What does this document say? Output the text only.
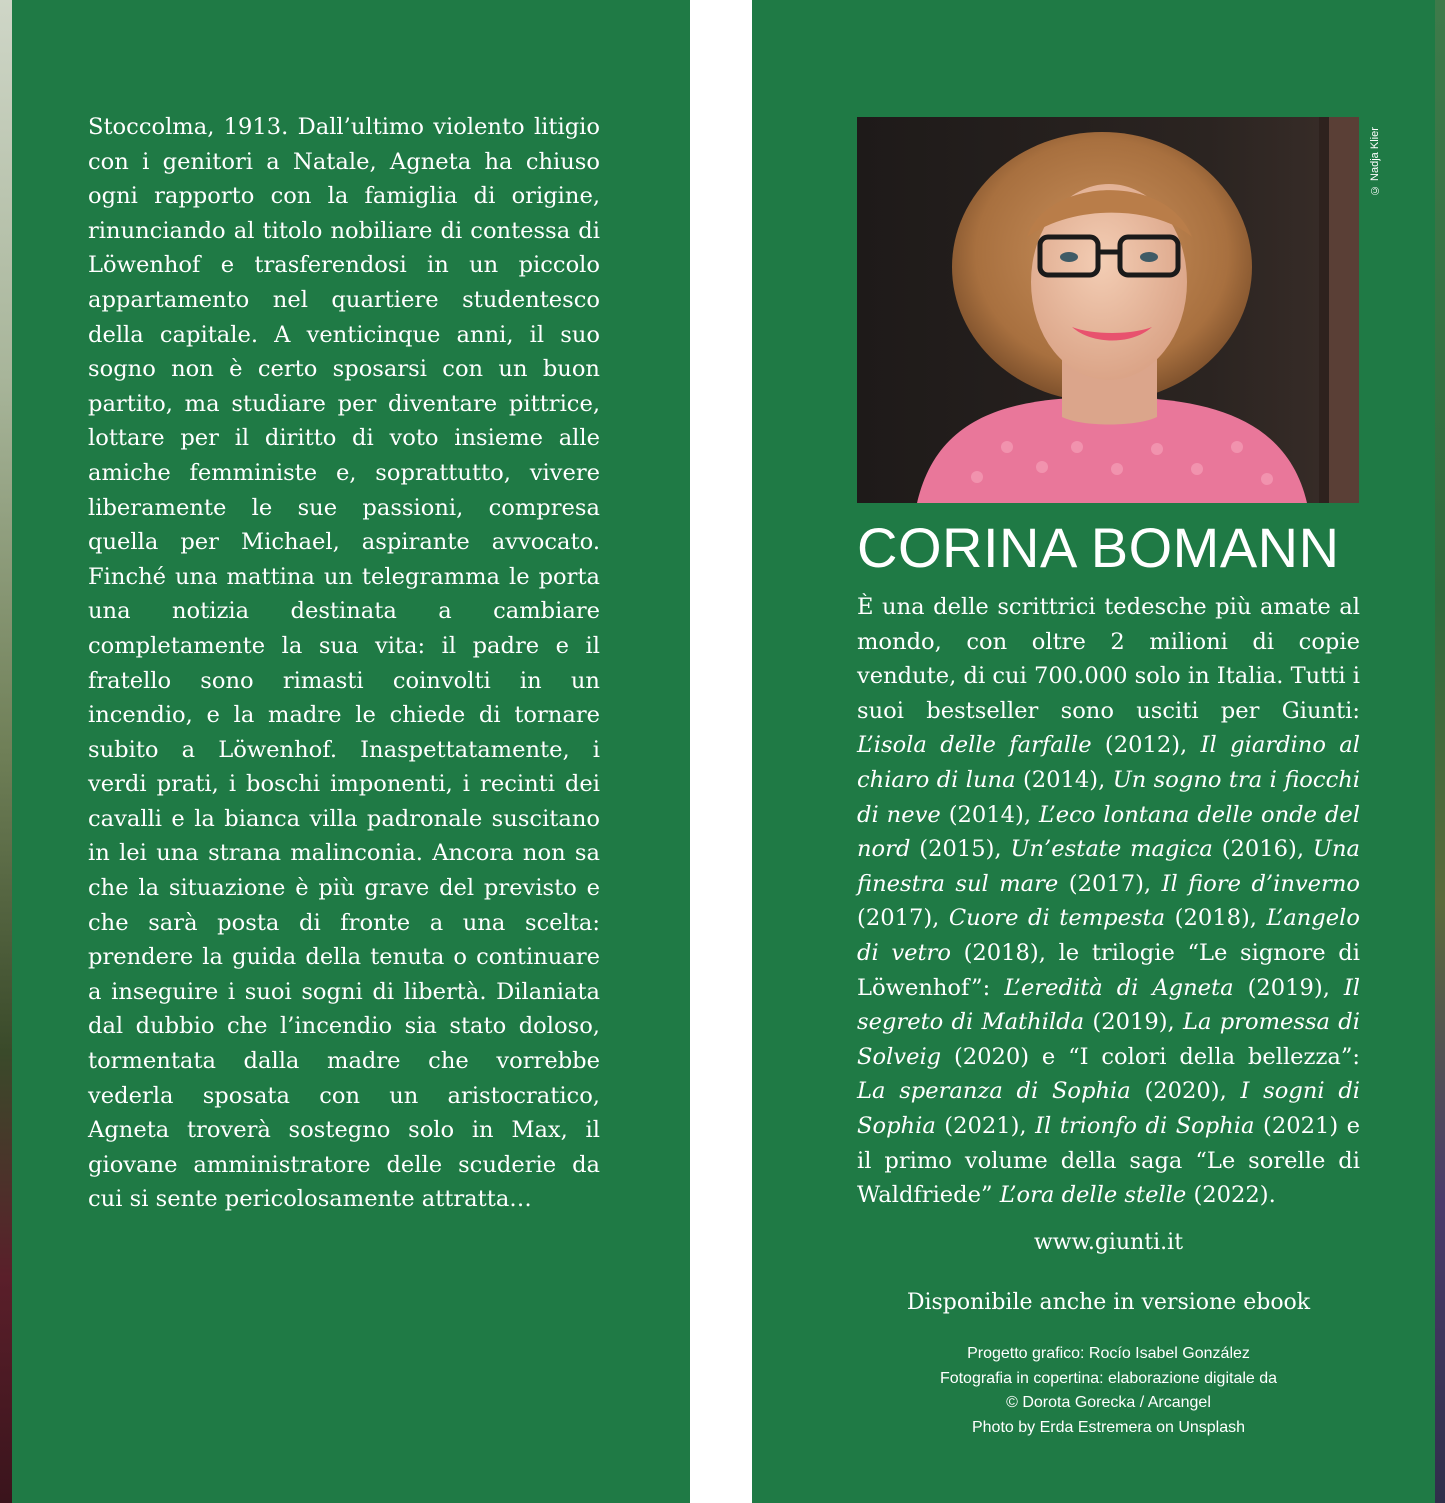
Stoccolma, 1913. Dall’ultimo violento litigio con i genitori a Natale, Agneta ha chiuso ogni rapporto con la famiglia di origine, rinunciando al titolo nobiliare di contessa di Löwenhof e trasferendosi in un piccolo appartamento nel quartiere studentesco della capitale. A venticinque anni, il suo sogno non è certo sposarsi con un buon partito, ma studiare per diventare pittrice, lottare per il diritto di voto insieme alle amiche femministe e, soprattutto, vivere liberamente le sue passioni, compresa quella per Michael, aspirante avvocato. Finché una mattina un telegramma le porta una notizia destinata a cambiare completamente la sua vita: il padre e il fratello sono rimasti coinvolti in un incendio, e la madre le chiede di tornare subito a Löwenhof. Inaspettatamente, i verdi prati, i boschi imponenti, i recinti dei cavalli e la bianca villa padronale suscitano in lei una strana malinconia. Ancora non sa che la situazione è più grave del previsto e che sarà posta di fronte a una scelta: prendere la guida della tenuta o continuare a inseguire i suoi sogni di libertà. Dilaniata dal dubbio che l’incendio sia stato doloso, tormentata dalla madre che vorrebbe vederla sposata con un aristocratico, Agneta troverà sostegno solo in Max, il giovane amministratore delle scuderie da cui si sente pericolosamente attratta…

© Nadja Klier
CORINA BOMANN

È una delle scrittrici tedesche più amate al mondo, con oltre 2 milioni di copie vendute, di cui 700.000 solo in Italia. Tutti i suoi bestseller sono usciti per Giunti: L’isola delle farfalle (2012), Il giardino al chiaro di luna (2014), Un sogno tra i fiocchi di neve (2014), L’eco lontana delle onde del nord (2015), Un’estate magica (2016), Una finestra sul mare (2017), Il fiore d’inverno (2017), Cuore di tempesta (2018), L’angelo di vetro (2018), le trilogie “Le signore di Löwenhof”: L’eredità di Agneta (2019), Il segreto di Mathilda (2019), La promessa di Solveig (2020) e “I colori della bellezza”: La speranza di Sophia (2020), I sogni di Sophia (2021), Il trionfo di Sophia (2021) e il primo volume della saga “Le sorelle di Waldfriede” L’ora delle stelle (2022).

www.giunti.it
Disponibile anche in versione ebook
Progetto grafico: Rocío Isabel González
Fotografia in copertina: elaborazione digitale da
© Dorota Gorecka / Arcangel
Photo by Erda Estremera on Unsplash
